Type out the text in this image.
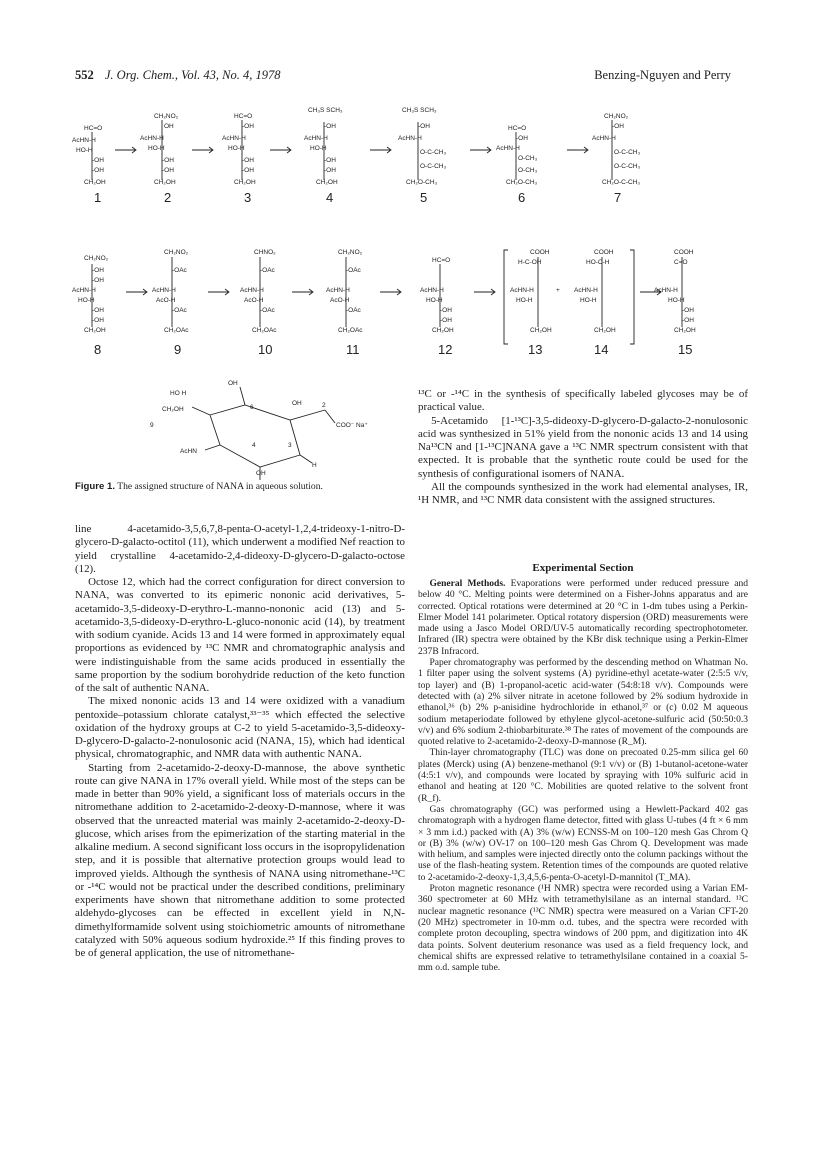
552 J. Org. Chem., Vol. 43, No. 4, 1978	Benzing-Nguyen and Perry
HC=O
AcHN-H
HO-H
-OH
-OH
CH₂OH
CH₂NO₂
OH
AcHN-H
HO-H
-OH
-OH
CH₂OH
HC=O
-OH
AcHN-H
HO-H
-OH
-OH
CH₂OH
CH₃S SCH₃
-OH
AcHN-H
HO-H
-OH
-OH
CH₂OH
CH₃S SCH₃
-OH
AcHN-H
O-C-CH₃
O-C-CH₃
CH₂O-CH₃
HC=O
-OH
AcHN-H
O-CH₃
O-CH₃
CH₂O-CH₃
CH₂NO₂
-OH
AcHN-H
O-C-CH₃
O-C-CH₃
CH₂O-C-CH₃
CH₂NO₂
-OH
-OH
AcHN-H
HO-H
-OH
-OH
CH₂OH
CH₂NO₂
-OAc
AcHN-H
AcO-H
-OAc
CH₂OAc
CHNO₂
-OAc
AcHN-H
AcO-H
-OAc
CH₂OAc
CH₂NO₂
-OAc
AcHN-H
AcO-H
-OAc
CH₂OAc
HC=O
AcHN-H
HO-H
-OH
-OH
CH₂OH
COOH
H-C-OH
AcHN-H
HO-H
CH₂OH
+
COOH
HO-C-H
AcHN-H
HO-H
CH₂OH
COOH
C=O
AcHN-H
HO-H
-OH
-OH
CH₂OH
1	2	3	4	5	6	7
8	9	10	11	12	13	14	15
HO H
CH₂OH
9
OH
6
OH	2
COO⁻ Na⁺
AcHN
4	3
OH
H
Figure 1. The assigned structure of NANA in aqueous solution.

line 4-acetamido-3,5,6,7,8-penta-O-acetyl-1,2,4-trideoxy-1-nitro-D-glycero-D-galacto-octitol (11), which underwent a modified Nef reaction to yield crystalline 4-acetamido-2,4-dideoxy-D-glycero-D-galacto-octose (12).

Octose 12, which had the correct configuration for direct conversion to NANA, was converted to its epimeric nononic acid derivatives, 5-acetamido-3,5-dideoxy-D-erythro-L-manno-nononic acid (13) and 5-acetamido-3,5-dideoxy-D-erythro-L-gluco-nononic acid (14), by treatment with sodium cyanide. Acids 13 and 14 were formed in approximately equal proportions as evidenced by ¹³C NMR and chromatographic analysis and were indistinguishable from the same acids produced in essentially the same proportion by the sodium borohydride reduction of the keto function of the salt of authentic NANA.

The mixed nononic acids 13 and 14 were oxidized with a vanadium pentoxide–potassium chlorate catalyst,³³⁻³⁵ which effected the selective oxidation of the hydroxy groups at C-2 to yield 5-acetamido-3,5-dideoxy-D-glycero-D-galacto-2-nonulosonic acid (NANA, 15), which had identical physical, chromatographic, and NMR data with authentic NANA.

Starting from 2-acetamido-2-deoxy-D-mannose, the above synthetic route can give NANA in 17% overall yield. While most of the steps can be made in better than 90% yield, a significant loss of materials occurs in the nitromethane addition to 2-acetamido-2-deoxy-D-mannose, where it was observed that the unreacted material was mainly 2-acetamido-2-deoxy-D-glucose, which arises from the epimerization of the starting material in the alkaline medium. A second significant loss occurs in the isopropylidenation step, and it is possible that alternative protection groups would lead to improved yields. Although the synthesis of NANA using nitromethane-¹³C or -¹⁴C would not be practical under the described conditions, preliminary experiments have shown that nitromethane addition to some protected aldehydo-glycoses can be effected in excellent yield in N,N-dimethylformamide solvent using stoichiometric amounts of nitromethane catalyzed with 50% aqueous sodium hydroxide.²⁵ If this finding proves to be of general application, the use of nitromethane-

¹³C or -¹⁴C in the synthesis of specifically labeled glycoses may be of practical value.

5-Acetamido [1-¹³C]-3,5-dideoxy-D-glycero-D-galacto-2-nonulosonic acid was synthesized in 51% yield from the nononic acids 13 and 14 using Na¹³CN and [1-¹³C]NANA gave a ¹³C NMR spectrum consistent with that expected. It is probable that the synthetic route could be used for the synthesis of configurational isomers of NANA.

All the compounds synthesized in the work had elemental analyses, IR, ¹H NMR, and ¹³C NMR data consistent with the assigned structures.

Experimental Section

General Methods. Evaporations were performed under reduced pressure and below 40 °C. Melting points were determined on a Fisher-Johns apparatus and are corrected. Optical rotations were determined at 20 °C in 1-dm tubes using a Perkin-Elmer Model 141 polarimeter. Optical rotatory dispersion (ORD) measurements were made using a Jasco Model ORD/UV-5 automatically recording spectrophotometer. Infrared (IR) spectra were obtained by the KBr disk technique using a Perkin-Elmer 237B Infracord.

Paper chromatography was performed by the descending method on Whatman No. 1 filter paper using the solvent systems (A) pyridine-ethyl acetate-water (2:5:5 v/v, top layer) and (B) 1-propanol-acetic acid-water (54:8:18 v/v). Compounds were detected with (a) 2% silver nitrate in acetone followed by 2% sodium hydroxide in ethanol,³⁶ (b) 2% p-anisidine hydrochloride in ethanol,³⁷ or (c) 0.02 M aqueous sodium metaperiodate followed by ethylene glycol-acetone-sulfuric acid (50:50:0.3 v/v) and 6% sodium 2-thiobarbiturate.³⁸ The rates of movement of the compounds are quoted relative to 2-acetamido-2-deoxy-D-mannose (R_M).

Thin-layer chromatography (TLC) was done on precoated 0.25-mm silica gel 60 plates (Merck) using (A) benzene-methanol (9:1 v/v) or (B) 1-butanol-acetone-water (4:5:1 v/v), and compounds were located by spraying with 10% sulfuric acid in ethanol and heating at 120 °C. Mobilities are quoted relative to the solvent front (R_f).

Gas chromatography (GC) was performed using a Hewlett-Packard 402 gas chromatograph with a hydrogen flame detector, fitted with glass U-tubes (4 ft × 6 mm × 3 mm i.d.) packed with (A) 3% (w/w) ECNSS-M on 100–120 mesh Gas Chrom Q or (B) 3% (w/w) OV-17 on 100–120 mesh Gas Chrom Q. Development was made with helium, and samples were injected directly onto the column packings without the use of the flash-heating system. Retention times of the compounds are quoted relative to 2-acetamido-2-deoxy-1,3,4,5,6-penta-O-acetyl-D-mannitol (T_MA).

Proton magnetic resonance (¹H NMR) spectra were recorded using a Varian EM-360 spectrometer at 60 MHz with tetramethylsilane as an internal standard. ¹³C nuclear magnetic resonance (¹³C NMR) spectra were measured on a Varian CFT-20 (20 MHz) spectrometer in 10-mm o.d. tubes, and the spectra were recorded with complete proton decoupling, spectra windows of 200 ppm, and digitization into 4K data points. Solvent deuterium resonance was used as a field frequency lock, and chemical shifts are expressed relative to tetramethylsilane contained in a coaxial 5-mm o.d. sample tube.
